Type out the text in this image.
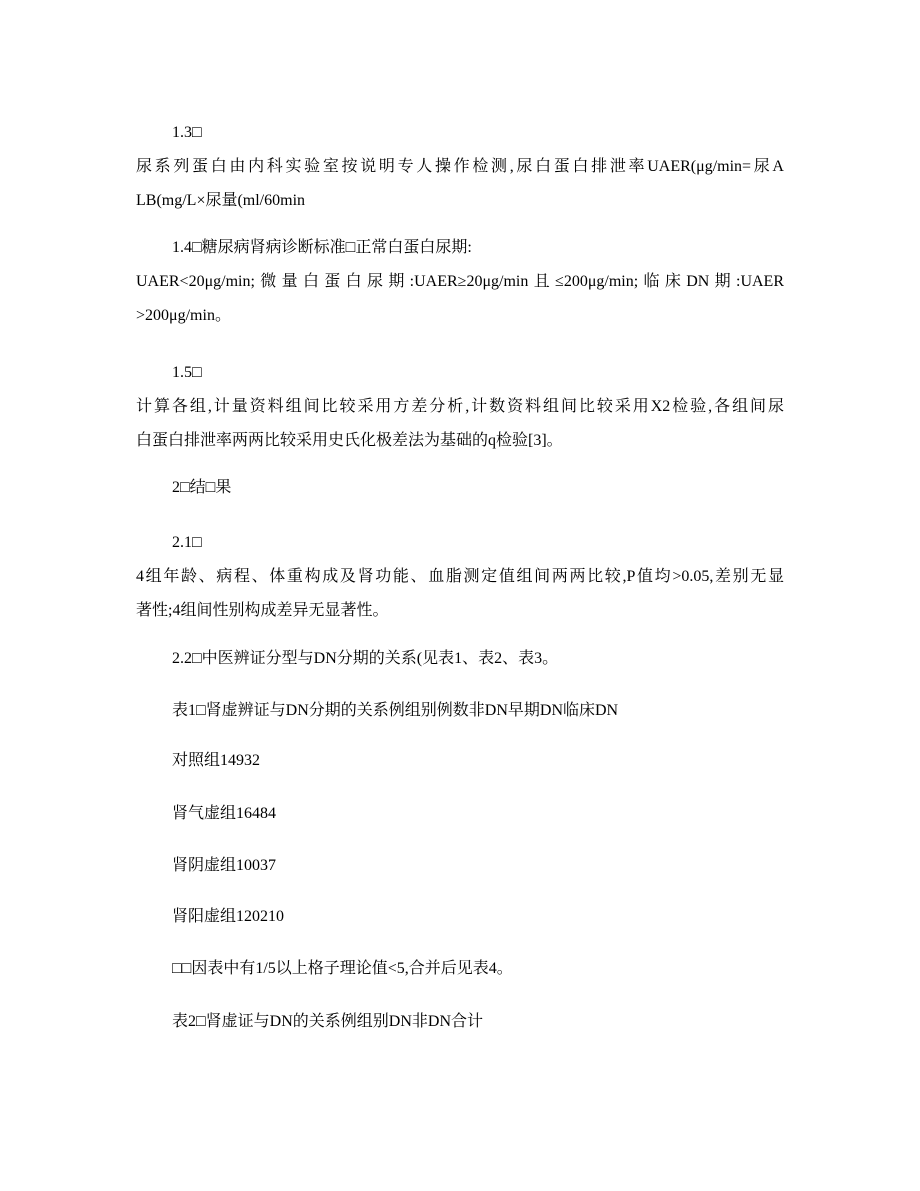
1.3□
尿系列蛋白由内科实验室按说明专人操作检测,尿白蛋白排泄率UAER(μg/min=尿A
LB(mg/L×尿量(ml/60min
1.4□糖尿病肾病诊断标准□正常白蛋白尿期:
UAER<20μg/min;微量白蛋白尿期:UAER≥20μg/min且≤200μg/min;临床DN期:UAER
>200μg/min。
1.5□
计算各组,计量资料组间比较采用方差分析,计数资料组间比较采用X2检验,各组间尿
白蛋白排泄率两两比较采用史氏化极差法为基础的q检验[3]。
2□结□果
2.1□
4组年龄、病程、体重构成及肾功能、血脂测定值组间两两比较,P值均>0.05,差别无显
著性;4组间性别构成差异无显著性。
2.2□中医辨证分型与DN分期的关系(见表1、表2、表3。
表1□肾虚辨证与DN分期的关系例组别例数非DN早期DN临床DN
对照组14932
肾气虚组16484
肾阴虚组10037
肾阳虚组120210
□□因表中有1/5以上格子理论值<5,合并后见表4。
表2□肾虚证与DN的关系例组别DN非DN合计
